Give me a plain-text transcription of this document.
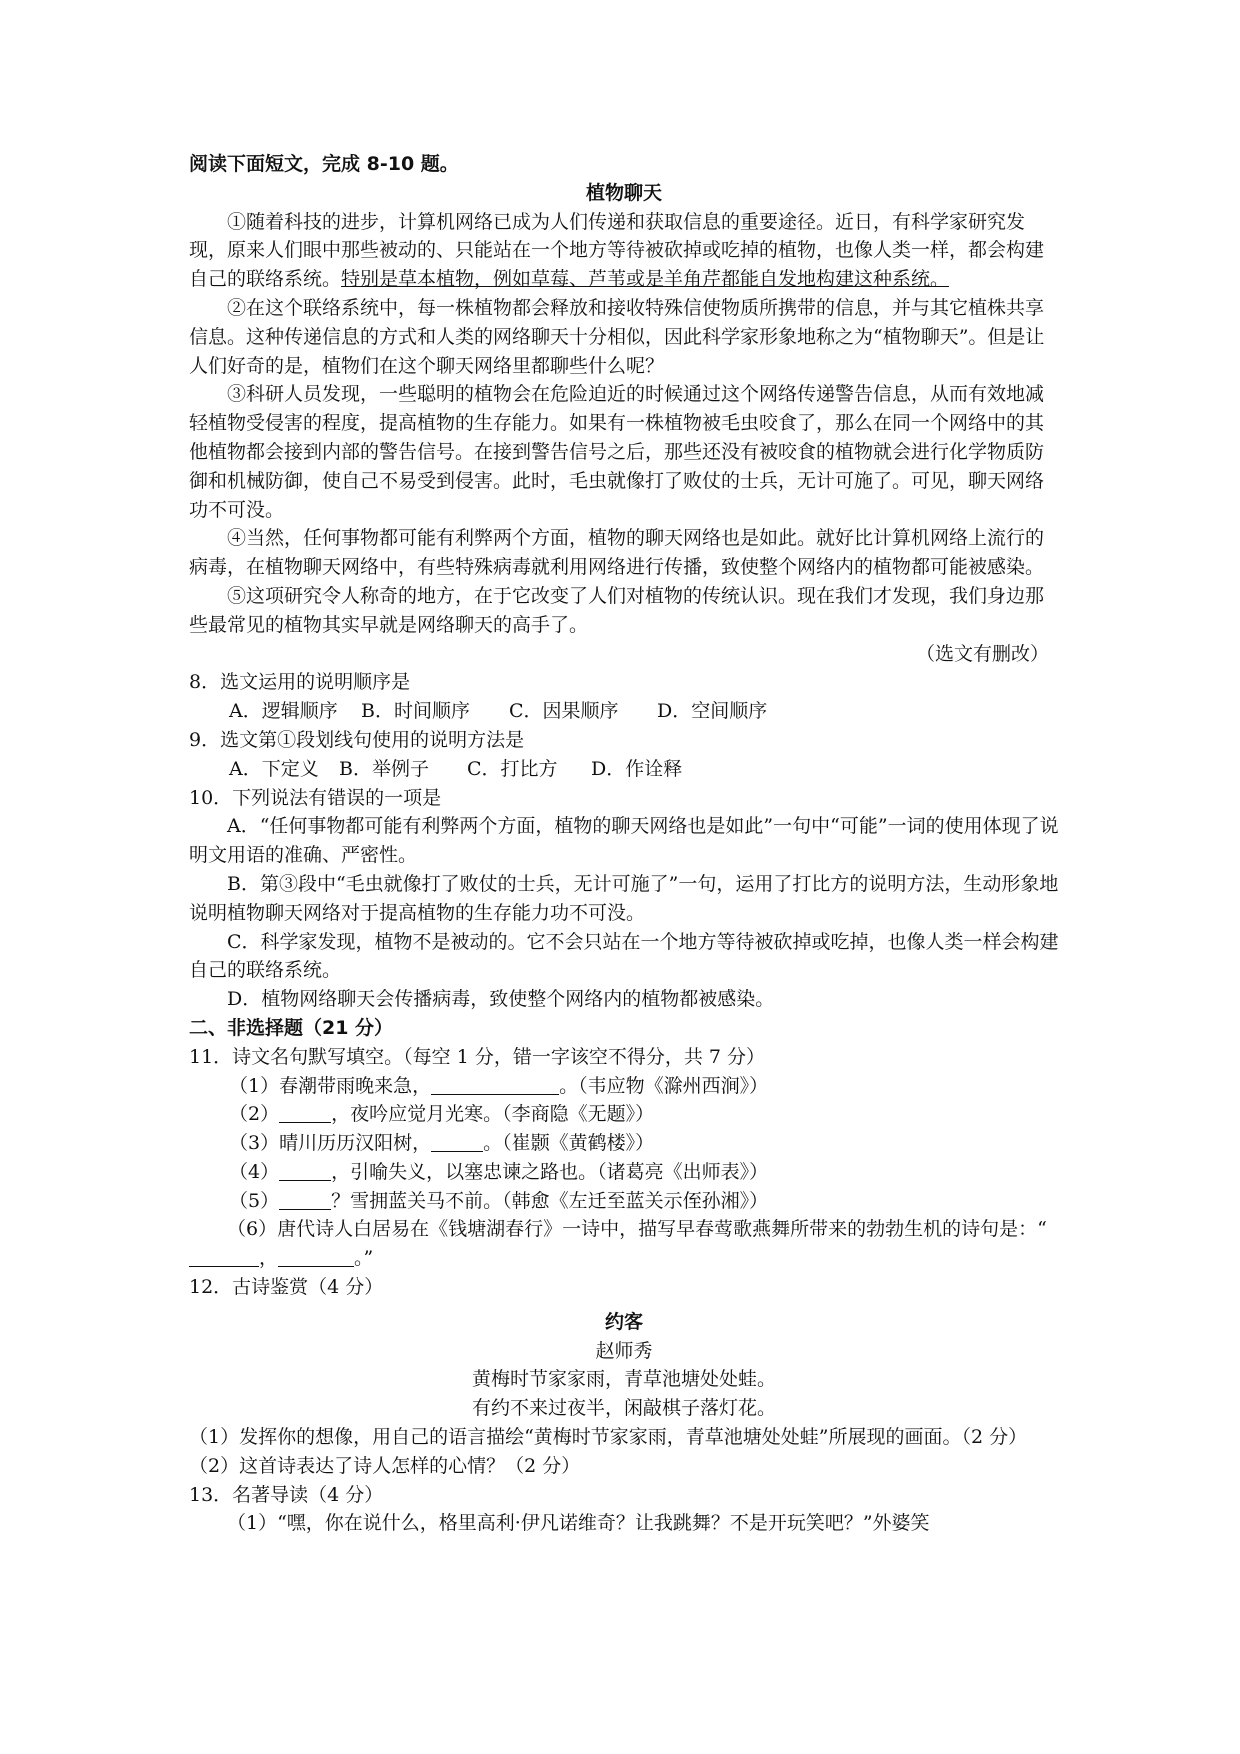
阅读下面短文，完成 8-10 题。

植物聊天

①随着科技的进步，计算机网络已成为人们传递和获取信息的重要途径。近日，有科学家研究发现，原来人们眼中那些被动的、只能站在一个地方等待被砍掉或吃掉的植物，也像人类一样，都会构建自己的联络系统。特别是草本植物，例如草莓、芦苇或是羊角芹都能自发地构建这种系统。

②在这个联络系统中，每一株植物都会释放和接收特殊信使物质所携带的信息，并与其它植株共享信息。这种传递信息的方式和人类的网络聊天十分相似，因此科学家形象地称之为“植物聊天”。但是让人们好奇的是，植物们在这个聊天网络里都聊些什么呢？

③科研人员发现，一些聪明的植物会在危险迫近的时候通过这个网络传递警告信息，从而有效地减轻植物受侵害的程度，提高植物的生存能力。如果有一株植物被毛虫咬食了，那么在同一个网络中的其他植物都会接到内部的警告信号。在接到警告信号之后，那些还没有被咬食的植物就会进行化学物质防御和机械防御，使自己不易受到侵害。此时，毛虫就像打了败仗的士兵，无计可施了。可见，聊天网络功不可没。

④当然，任何事物都可能有利弊两个方面，植物的聊天网络也是如此。就好比计算机网络上流行的病毒，在植物聊天网络中，有些特殊病毒就利用网络进行传播，致使整个网络内的植物都可能被感染。

⑤这项研究令人称奇的地方，在于它改变了人们对植物的传统认识。现在我们才发现，我们身边那些最常见的植物其实早就是网络聊天的高手了。

（选文有删改）

8．选文运用的说明顺序是

A．逻辑顺序 B．时间顺序 C．因果顺序 D．空间顺序

9．选文第①段划线句使用的说明方法是

A．下定义 B．举例子 C．打比方 D．作诠释

10．下列说法有错误的一项是

A．“任何事物都可能有利弊两个方面，植物的聊天网络也是如此”一句中“可能”一词的使用体现了说明文用语的准确、严密性。

B．第③段中“毛虫就像打了败仗的士兵，无计可施了”一句，运用了打比方的说明方法，生动形象地说明植物聊天网络对于提高植物的生存能力功不可没。

C．科学家发现，植物不是被动的。它不会只站在一个地方等待被砍掉或吃掉，也像人类一样会构建自己的联络系统。

D．植物网络聊天会传播病毒，致使整个网络内的植物都被感染。

二、非选择题（21 分）

11．诗文名句默写填空。（每空 1 分，错一字该空不得分，共 7 分）

（1）春潮带雨晚来急，	。（韦应物《滁州西涧》）

（2）	，夜吟应觉月光寒。（李商隐《无题》）

（3）晴川历历汉阳树，	。（崔颢《黄鹤楼》）

（4）	，引喻失义，以塞忠谏之路也。（诸葛亮《出师表》）

（5）	？雪拥蓝关马不前。（韩愈《左迁至蓝关示侄孙湘》）

（6）唐代诗人白居易在《钱塘湖春行》一诗中，描写早春莺歌燕舞所带来的勃勃生机的诗句是：“，	。”

12．古诗鉴赏（4 分）

约客

赵师秀

黄梅时节家家雨，青草池塘处处蛙。

有约不来过夜半，闲敲棋子落灯花。

（1）发挥你的想像，用自己的语言描绘“黄梅时节家家雨，青草池塘处处蛙”所展现的画面。（2 分）

（2）这首诗表达了诗人怎样的心情？（2 分）

13．名著导读（4 分）

（1）“嘿，你在说什么，格里高利·伊凡诺维奇？让我跳舞？不是开玩笑吧？”外婆笑
